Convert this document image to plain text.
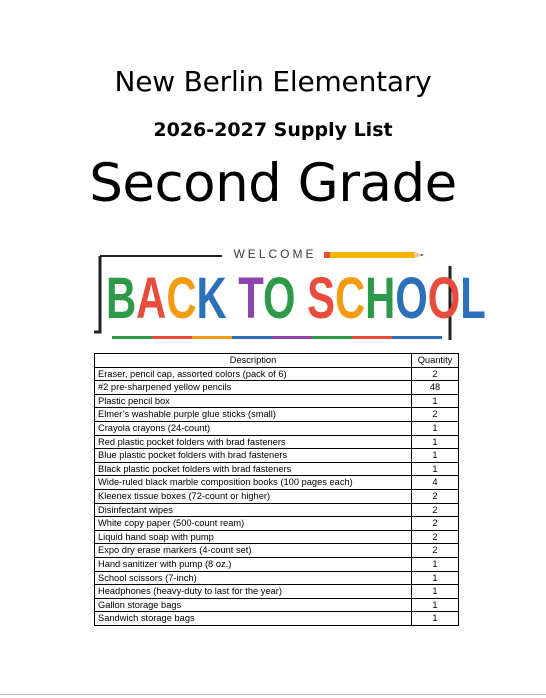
New Berlin Elementary
2026-2027 Supply List
Second Grade
WELCOME
BACK TO SCHOOL
Description	Quantity
Eraser, pencil cap, assorted colors (pack of 6)	2
#2 pre-sharpened yellow pencils	48
Plastic pencil box	1
Elmer’s washable purple glue sticks (small)	2
Crayola crayons (24-count)	1
Red plastic pocket folders with brad fasteners	1
Blue plastic pocket folders with brad fasteners	1
Black plastic pocket folders with brad fasteners	1
Wide-ruled black marble composition books (100 pages each)	4
Kleenex tissue boxes (72-count or higher)	2
Disinfectant wipes	2
White copy paper (500-count ream)	2
Liquid hand soap with pump	2
Expo dry erase markers (4-count set)	2
Hand sanitizer with pump (8 oz.)	1
School scissors (7-inch)	1
Headphones (heavy-duty to last for the year)	1
Gallon storage bags	1
Sandwich storage bags	1
